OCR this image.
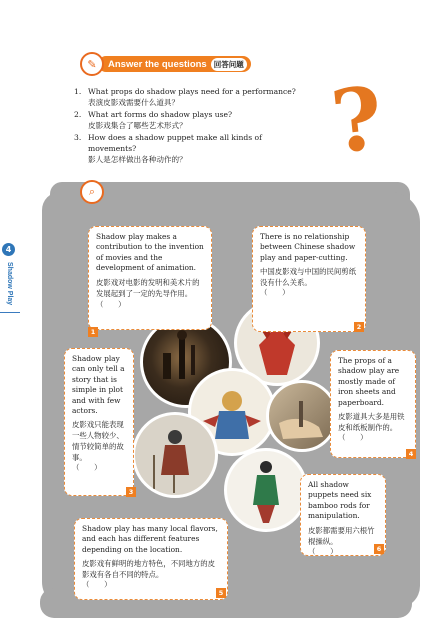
4
Shadow Play
✎	Answer the questions 回答问题
1. What props do shadow plays need for a performance?
表演皮影戏需要什么道具？
2. What art forms do shadow plays use?
皮影戏集合了哪些艺术形式？
3. How does a shadow puppet make all kinds of movements?
影人是怎样做出各种动作的？	?
⌕
Shadow play makes a contribution to the invention of movies and the development of animation.
皮影戏对电影的发明和美术片的发展起到了一定的先导作用。（　　）
1
There is no relationship between Chinese shadow play and paper-cutting.
中国皮影戏与中国的民间剪纸没有什么关系。
（　　）
2
Shadow play can only tell a story that is simple in plot and with few actors.
皮影戏只能表现一些人物较少、情节较简单的故事。
（　　）
3
The props of a shadow play are mostly made of iron sheets and paperboard.
皮影道具大多是用铁皮和纸板制作的。
（　　）
4
All shadow puppets need six bamboo rods for manipulation.
皮影都需要用六根竹棍操纵。
（　　）	6
Shadow play has many local flavors, and each has different features depending on the location.
皮影戏有鲜明的地方特色，不同地方的皮影戏有各自不同的特点。
（　　）
5
